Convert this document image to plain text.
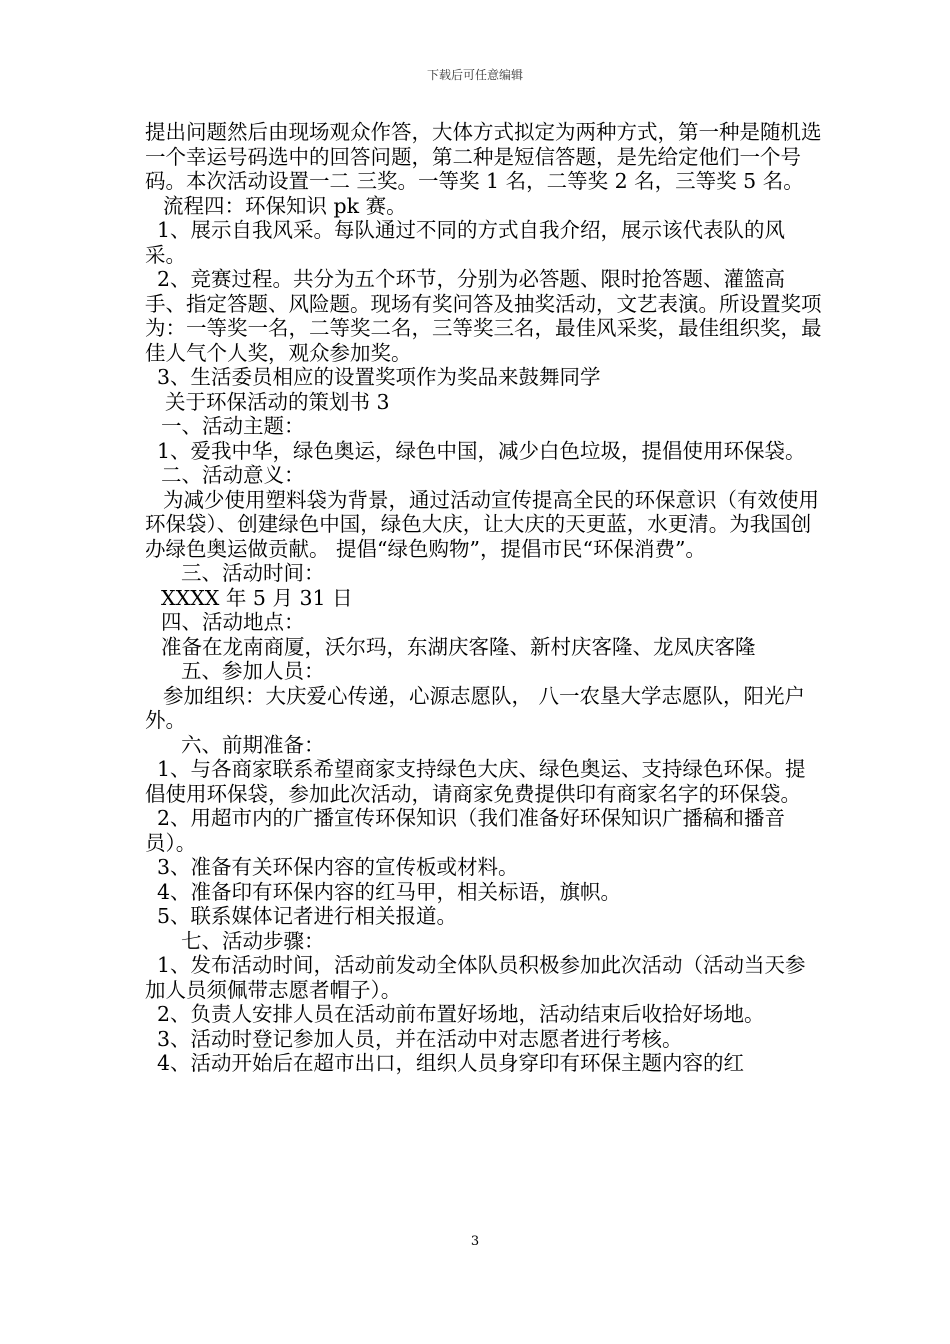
下载后可任意编辑

提出问题然后由现场观众作答，大体方式拟定为两种方式，第一种是随机选一个幸运号码选中的回答问题，第二种是短信答题，是先给定他们一个号码。本次活动设置一二 三奖。一等奖 1 名，二等奖 2 名，三等奖 5 名。

流程四：环保知识 pk 赛。

1、展示自我风采。每队通过不同的方式自我介绍，展示该代表队的风采。

2、竞赛过程。共分为五个环节，分别为必答题、限时抢答题、灌篮高手、指定答题、风险题。现场有奖问答及抽奖活动，文艺表演。所设置奖项为：一等奖一名，二等奖二名，三等奖三名，最佳风采奖，最佳组织奖，最佳人气个人奖，观众参加奖。

3、生活委员相应的设置奖项作为奖品来鼓舞同学

关于环保活动的策划书 3

一、活动主题：

1、爱我中华，绿色奥运，绿色中国，减少白色垃圾，提倡使用环保袋。

二、活动意义：

为减少使用塑料袋为背景，通过活动宣传提高全民的环保意识（有效使用环保袋）、创建绿色中国，绿色大庆，让大庆的天更蓝，水更清。为我国创办绿色奥运做贡献。 提倡“绿色购物”，提倡市民“环保消费”。

三、活动时间：

XXXX 年 5 月 31 日

四、活动地点：

准备在龙南商厦，沃尔玛，东湖庆客隆、新村庆客隆、龙凤庆客隆

五、参加人员：

参加组织：大庆爱心传递，心源志愿队， 八一农垦大学志愿队，阳光户外。

六、前期准备：

1、与各商家联系希望商家支持绿色大庆、绿色奥运、支持绿色环保。提倡使用环保袋，参加此次活动，请商家免费提供印有商家名字的环保袋。

2、用超市内的广播宣传环保知识（我们准备好环保知识广播稿和播音员）。

3、准备有关环保内容的宣传板或材料。

4、准备印有环保内容的红马甲，相关标语，旗帜。

5、联系媒体记者进行相关报道。

七、活动步骤：

1、发布活动时间，活动前发动全体队员积极参加此次活动（活动当天参加人员须佩带志愿者帽子）。

2、负责人安排人员在活动前布置好场地，活动结束后收拾好场地。

3、活动时登记参加人员，并在活动中对志愿者进行考核。

4、活动开始后在超市出口，组织人员身穿印有环保主题内容的红

3
